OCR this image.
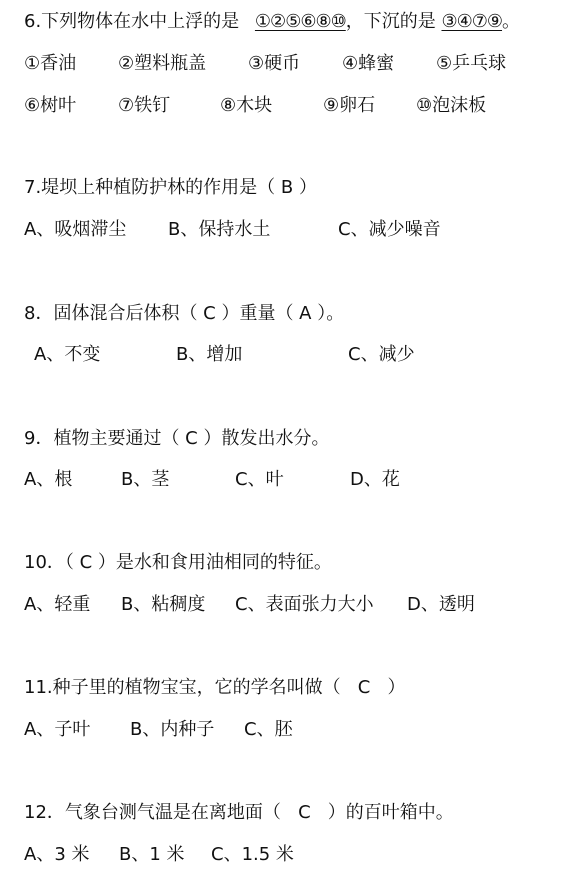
6.下列物体在水中上浮的是 ①②⑤⑥⑧⑩，下沉的是 ③④⑦⑨。
①香油 ②塑料瓶盖 ③硬币 ④蜂蜜 ⑤乒乓球
⑥树叶 ⑦铁钉	⑧木块	⑨卵石 ⑩泡沫板
7.堤坝上种植防护林的作用是（ B ）
A、吸烟滞尘 B、保持水土	C、减少噪音
8．固体混合后体积（ C ）重量（ A ）。
A、不变	B、增加	C、减少
9．植物主要通过（ C ）散发出水分。
A、根	B、茎	C、叶	D、花
10．（ C ）是水和食用油相同的特征。
A、轻重 B、粘稠度 C、表面张力大小 D、透明
11.种子里的植物宝宝，它的学名叫做（   C   ）
A、子叶 B、内种子 C、胚
12．气象台测气温是在离地面（   C   ）的百叶箱中。
A、3 米 B、1 米 C、1.5 米
